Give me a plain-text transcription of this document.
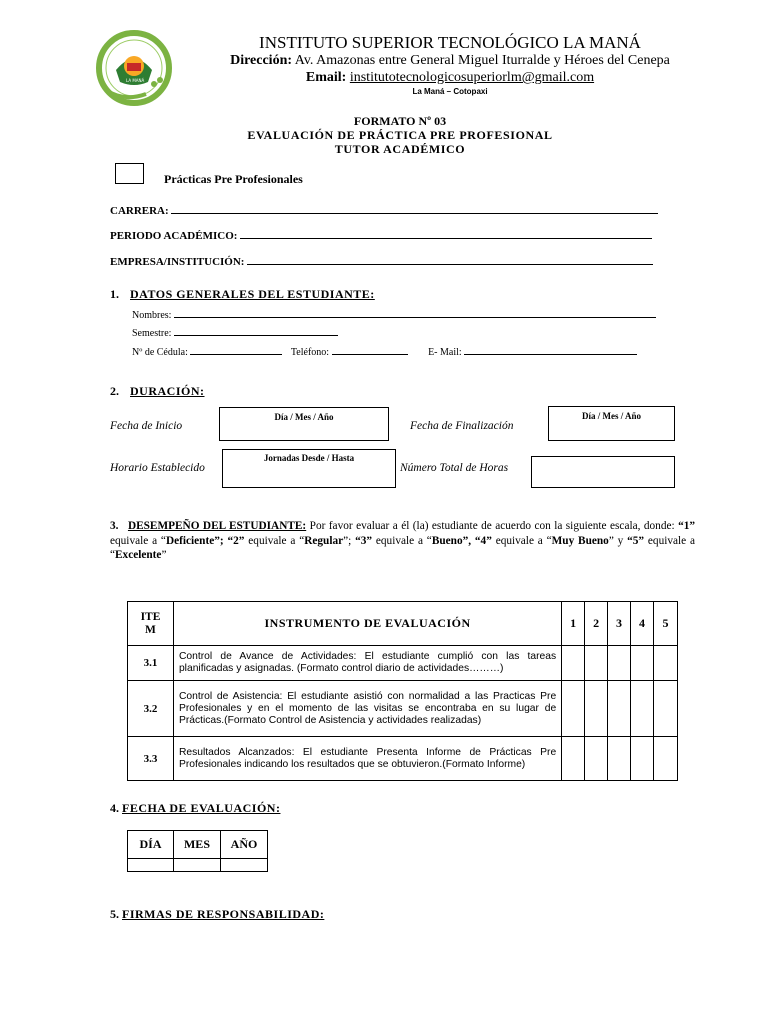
LA MANÁ
INSTITUTO SUPERIOR TECNOLÓGICO LA MANÁ
Dirección: Av. Amazonas entre General Miguel Iturralde y Héroes del Cenepa
Email: institutotecnologicosuperiorlm@gmail.com
La Maná – Cotopaxi
FORMATO Nº 03
EVALUACIÓN DE PRÁCTICA PRE PROFESIONAL
TUTOR ACADÉMICO
Prácticas Pre Profesionales
CARRERA:
PERIODO ACADÉMICO:
EMPRESA/INSTITUCIÓN:
1. DATOS GENERALES DEL ESTUDIANTE:
Nombres:
Semestre:
Nº de Cédula:	Teléfono:	E- Mail:
2. DURACIÓN:
Fecha de Inicio
Día / Mes / Año
Fecha de Finalización
Día / Mes / Año
Horario Establecido
Jornadas Desde / Hasta
Número Total de Horas
3. DESEMPEÑO DEL ESTUDIANTE: Por favor evaluar a él (la) estudiante de acuerdo con la siguiente escala, donde: “1” equivale a “Deficiente”; “2” equivale a “Regular”; “3” equivale a “Bueno”, “4” equivale a “Muy Bueno” y “5” equivale a “Excelente”
ITEM	INSTRUMENTO DE EVALUACIÓN	1	2	3	4	5
3.1	Control de Avance de Actividades: El estudiante cumplió con las tareas planificadas y asignadas. (Formato control diario de actividades………)					
3.2	Control de Asistencia: El estudiante asistió con normalidad a las Practicas Pre Profesionales y en el momento de las visitas se encontraba en su lugar de Prácticas.(Formato Control de Asistencia y actividades realizadas)					
3.3	Resultados Alcanzados: El estudiante Presenta Informe de Prácticas Pre Profesionales indicando los resultados que se obtuvieron.(Formato Informe)					
4. FECHA DE EVALUACIÓN:
DÍA	MES	AÑO

5. FIRMAS DE RESPONSABILIDAD:
